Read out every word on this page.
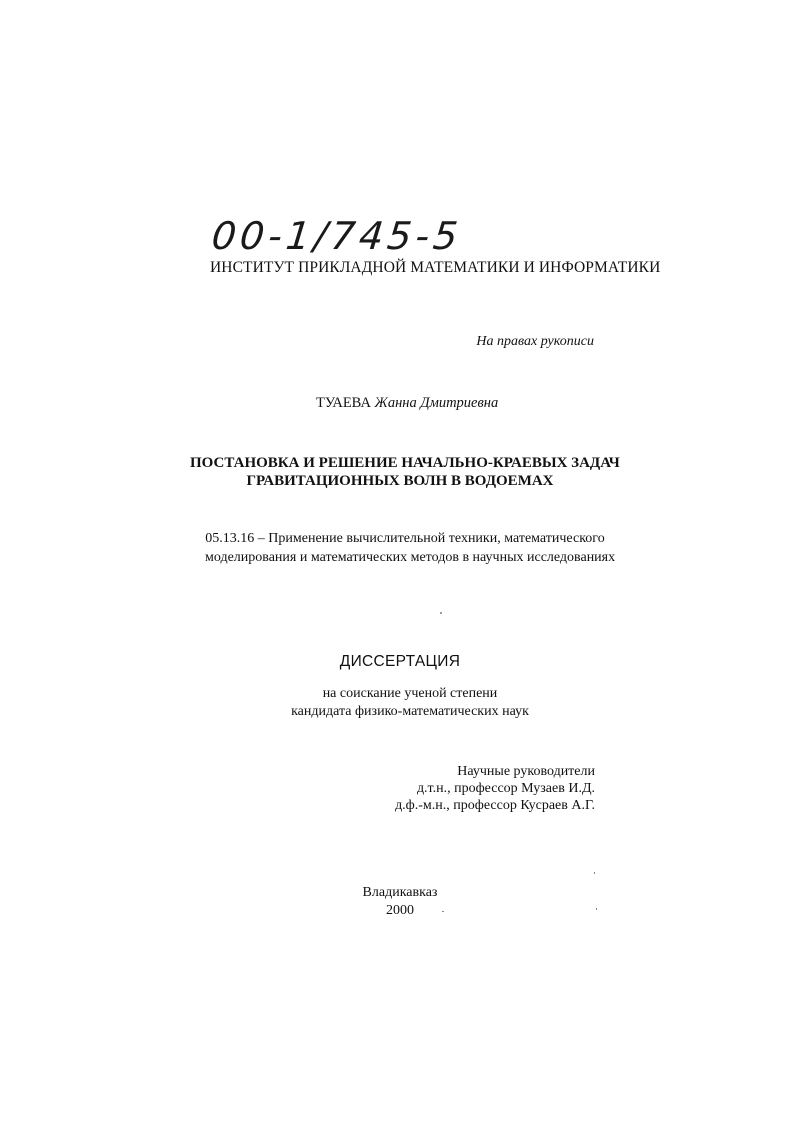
00-1/745-5
ИНСТИТУТ ПРИКЛАДНОЙ МАТЕМАТИКИ И ИНФОРМАТИКИ
На правах рукописи
ТУАЕВА Жанна Дмитриевна
ПОСТАНОВКА И РЕШЕНИЕ НАЧАЛЬНО-КРАЕВЫХ ЗАДАЧ
ГРАВИТАЦИОННЫХ ВОЛН В ВОДОЕМАХ
05.13.16 – Применение вычислительной техники, математического
моделирования и математических методов в научных исследованиях
ДИССЕРТАЦИЯ
на соискание ученой степени
кандидата физико-математических наук
Научные руководители
д.т.н., профессор Музаев И.Д.
д.ф.-м.н., профессор Кусраев А.Г.
Владикавказ
2000
